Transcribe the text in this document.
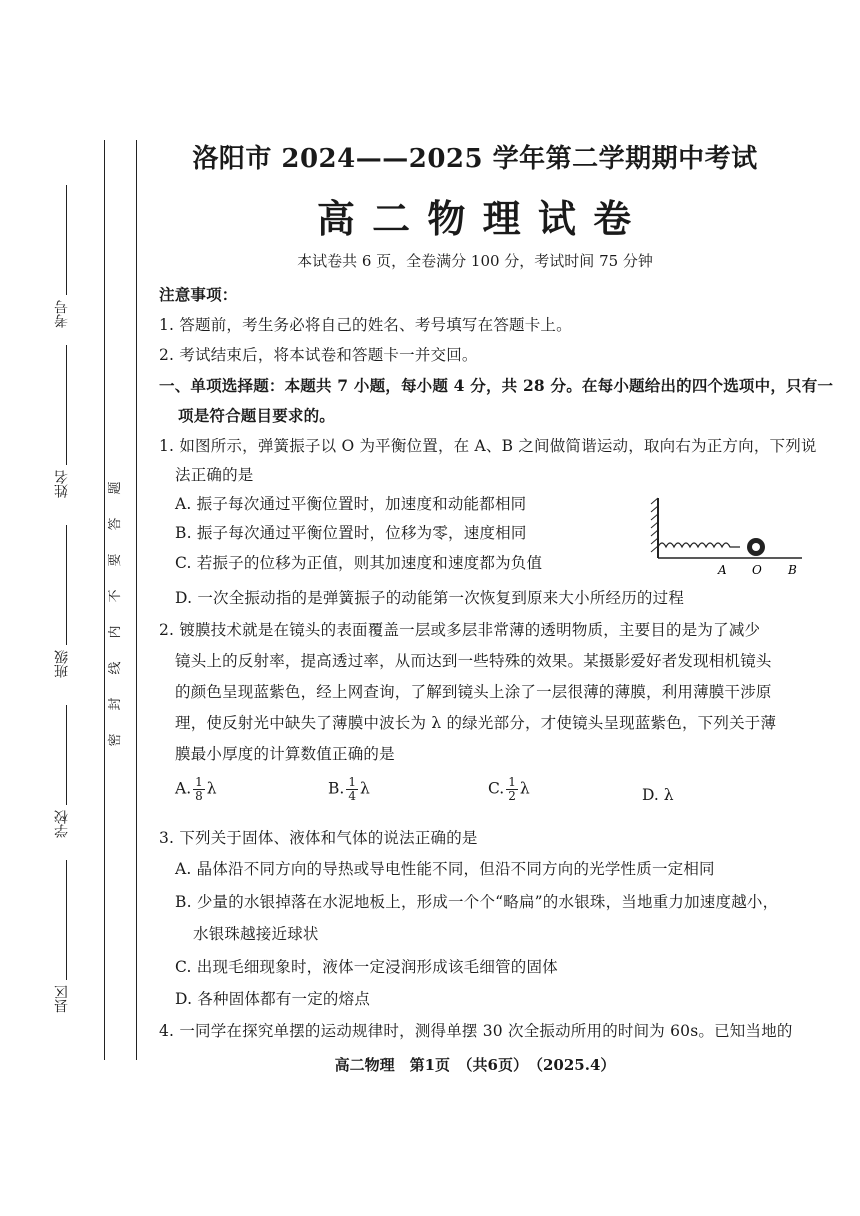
考号
姓名
班级
学校
县区
题
答
要
不
内
线
封
密
洛阳市 2024——2025 学年第二学期期中考试
高 二 物 理 试 卷
本试卷共 6 页，全卷满分 100 分，考试时间 75 分钟
注意事项：
1. 答题前，考生务必将自己的姓名、考号填写在答题卡上。
2. 考试结束后，将本试卷和答题卡一并交回。
一、单项选择题：本题共 7 小题，每小题 4 分，共 28 分。在每小题给出的四个选项中，只有一
项是符合题目要求的。
1. 如图所示，弹簧振子以 O 为平衡位置，在 A、B 之间做简谐运动，取向右为正方向，下列说
法正确的是
A. 振子每次通过平衡位置时，加速度和动能都相同
B. 振子每次通过平衡位置时，位移为零，速度相同
C. 若振子的位移为正值，则其加速度和速度都为负值
D. 一次全振动指的是弹簧振子的动能第一次恢复到原来大小所经历的过程
A O B
2. 镀膜技术就是在镜头的表面覆盖一层或多层非常薄的透明物质，主要目的是为了减少
镜头上的反射率，提高透过率，从而达到一些特殊的效果。某摄影爱好者发现相机镜头
的颜色呈现蓝紫色，经上网查询，了解到镜头上涂了一层很薄的薄膜，利用薄膜干涉原
理，使反射光中缺失了薄膜中波长为 λ 的绿光部分，才使镜头呈现蓝紫色，下列关于薄
膜最小厚度的计算数值正确的是
A. $\frac{1}{8}$ λ	B. $\frac{1}{4}$ λ	C. $\frac{1}{2}$ λ	D. λ
3. 下列关于固体、液体和气体的说法正确的是
A. 晶体沿不同方向的导热或导电性能不同，但沿不同方向的光学性质一定相同
B. 少量的水银掉落在水泥地板上，形成一个个“略扁”的水银珠，当地重力加速度越小，
水银珠越接近球状
C. 出现毛细现象时，液体一定浸润形成该毛细管的固体
D. 各种固体都有一定的熔点
4. 一同学在探究单摆的运动规律时，测得单摆 30 次全振动所用的时间为 60s。已知当地的
高二物理　第1页　（共6页）　（2025.4）
